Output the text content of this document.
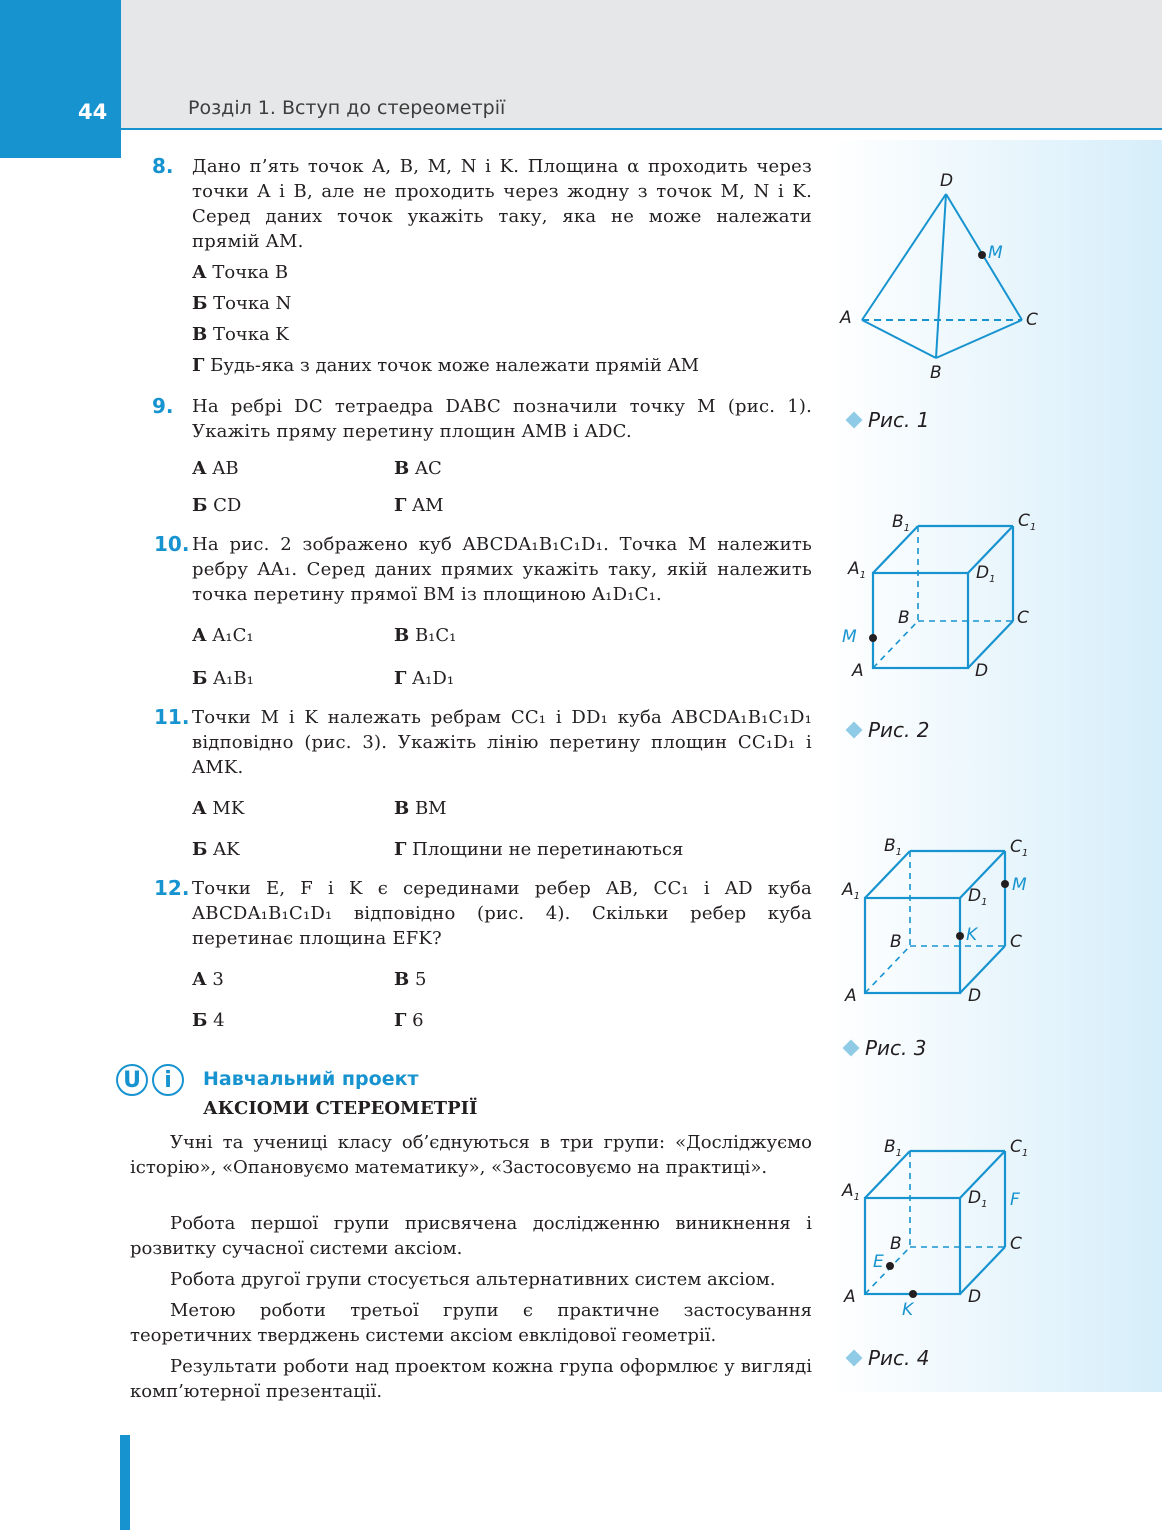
44	Розділ 1. Вступ до стереометрії
8. Дано п’ять точок A, B, M, N і K. Площина α проходить через точки A і B, але не проходить через жодну з точок M, N і K. Серед даних точок укажіть таку, яка не може належати прямій AM.
А Точка B
Б Точка N
В Точка K
Г Будь-яка з даних точок може належати прямій AM
9. На ребрі DC тетраедра DABC позначили точку M (рис. 1). Укажіть пряму перетину площин AMB і ADC.
А AB	В AC
Б CD	Г AM
10. На рис. 2 зображено куб ABCDA₁B₁C₁D₁. Точка M належить ребру AA₁. Серед даних прямих укажіть таку, якій належить точка перетину прямої BM із площиною A₁D₁C₁.
А A₁C₁	В B₁C₁
Б A₁B₁	Г A₁D₁
11. Точки M і K належать ребрам CC₁ і DD₁ куба ABCDA₁B₁C₁D₁ відповідно (рис. 3). Укажіть лінію перетину площин CC₁D₁ і AMK.
А MK	В BM
Б AK	Г Площини не перетинаються
12. Точки E, F і K є серединами ребер AB, CC₁ і AD куба ABCDA₁B₁C₁D₁ відповідно (рис. 4). Скільки ребер куба перетинає площина EFK?
А 3	В 5
Б 4	Г 6
U	i	Навчальний проект
АКСІОМИ СТЕРЕОМЕТРІЇ
Учні та учениці класу об’єднуються в три групи: «Досліджуємо історію», «Опановуємо математику», «Застосовуємо на практиці».
Робота першої групи присвячена дослідженню виникнення і розвитку сучасної системи аксіом.
Робота другої групи стосується альтернативних систем аксіом.
Метою роботи третьої групи є практичне застосування теоретичних тверджень системи аксіом евклідової геометрії.
Результати роботи над проектом кожна група оформлює у вигляді комп’ютерної презентації.
D
M
A	C
B
Рис. 1
$B_1$	$C_1$
$A_1$	$D_1$
B	C
M
A	D
Рис. 2
$B_1$	$C_1$
$A_1$	$D_1$
M
B	K C
A	D
Рис. 3
$B_1$	$C_1$
$A_1$	$D_1$ F
B	C
E
A
K
D
Рис. 4
